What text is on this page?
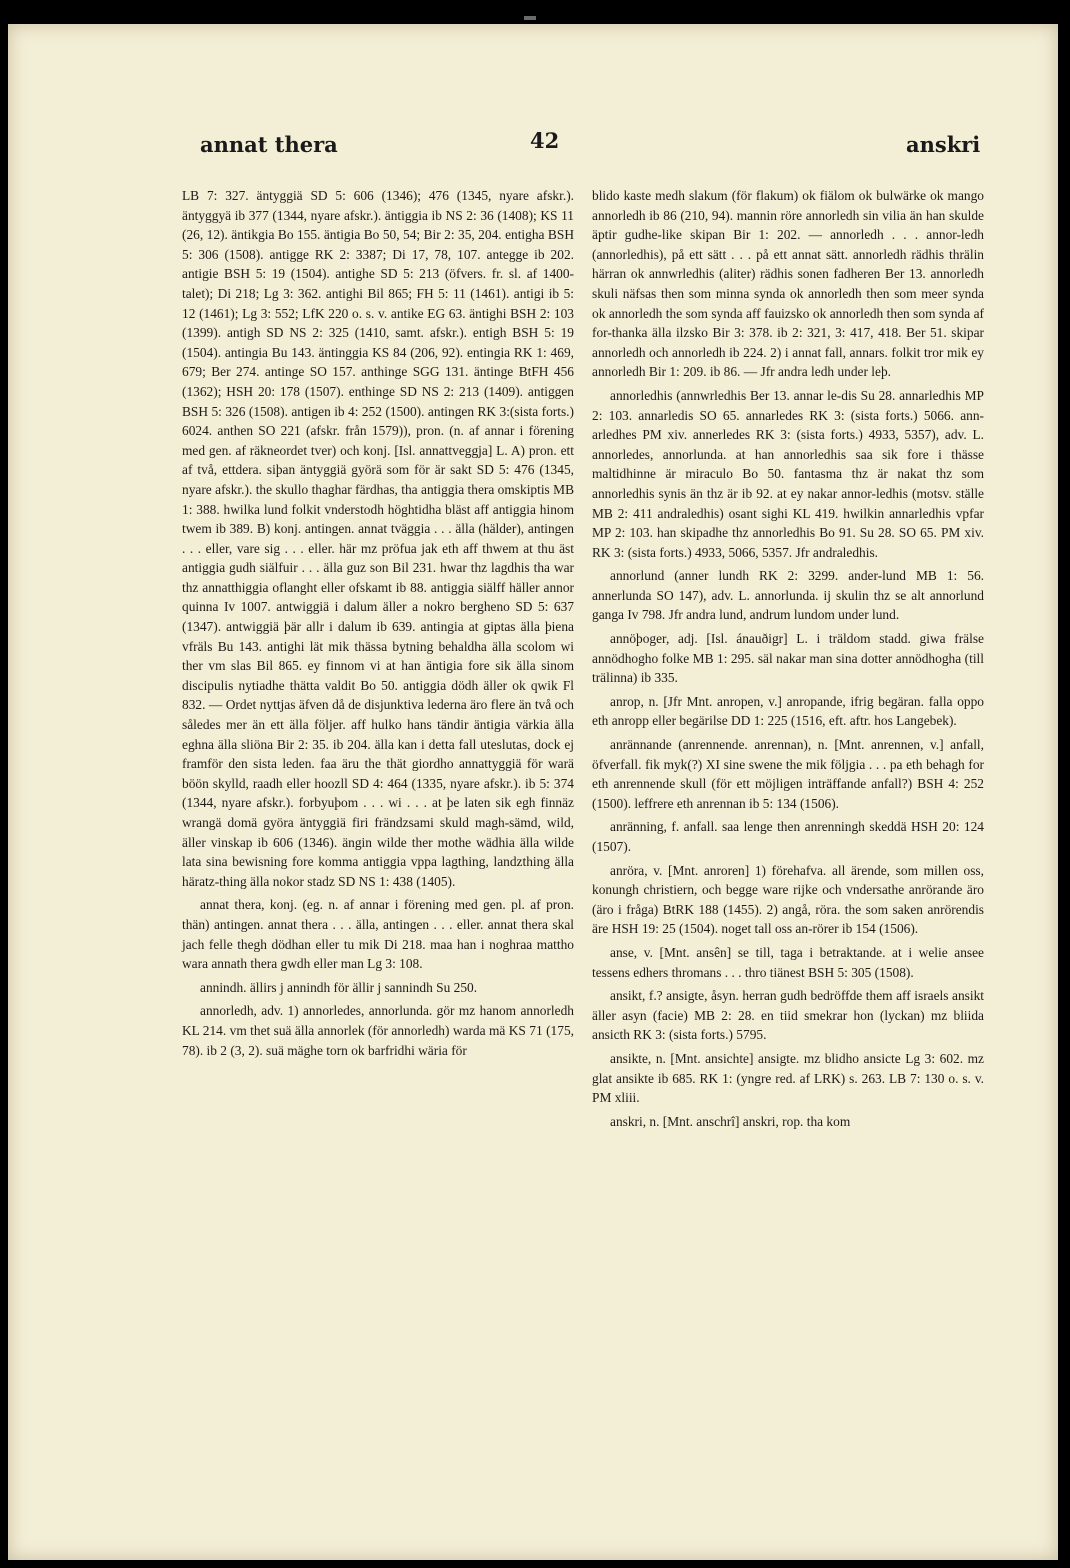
annat thera	42	anskri

LB 7: 327. äntyggiä SD 5: 606 (1346); 476 (1345, nyare afskr.). äntyggyä ib 377 (1344, nyare afskr.). äntiggia ib NS 2: 36 (1408); KS 11 (26, 12). äntikgia Bo 155. äntigia Bo 50, 54; Bir 2: 35, 204. entigha BSH 5: 306 (1508). antigge RK 2: 3387; Di 17, 78, 107. antegge ib 202. antigie BSH 5: 19 (1504). antighe SD 5: 213 (öfvers. fr. sl. af 1400-talet); Di 218; Lg 3: 362. antighi Bil 865; FH 5: 11 (1461). antigi ib 5: 12 (1461); Lg 3: 552; LfK 220 o. s. v. antike EG 63. äntighi BSH 2: 103 (1399). antigh SD NS 2: 325 (1410, samt. afskr.). entigh BSH 5: 19 (1504). antingia Bu 143. äntinggia KS 84 (206, 92). entingia RK 1: 469, 679; Ber 274. antinge SO 157. anthinge SGG 131. äntinge BtFH 456 (1362); HSH 20: 178 (1507). enthinge SD NS 2: 213 (1409). antiggen BSH 5: 326 (1508). antigen ib 4: 252 (1500). antingen RK 3:(sista forts.) 6024. anthen SO 221 (afskr. från 1579)), pron. (n. af annar i förening med gen. af räkneordet tver) och konj. [Isl. annattveggja] L. A) pron. ett af två, ettdera. siþan äntyggiä györä som för är sakt SD 5: 476 (1345, nyare afskr.). the skullo thaghar färdhas, tha antiggia thera omskiptis MB 1: 388. hwilka lund folkit vnderstodh höghtidha bläst aff antiggia hinom twem ib 389. B) konj. antingen. annat tväggia . . . älla (hälder), antingen . . . eller, vare sig . . . eller. här mz pröfua jak eth aff thwem at thu äst antiggia gudh siälfuir . . . älla guz son Bil 231. hwar thz lagdhis tha war thz annatthiggia oflanght eller ofskamt ib 88. antiggia siälff häller annor quinna Iv 1007. antwiggiä i dalum äller a nokro bergheno SD 5: 637 (1347). antwiggiä þär allr i dalum ib 639. antingia at giptas älla þiena vfräls Bu 143. antighi lät mik thässa bytning behaldha älla scolom wi ther vm slas Bil 865. ey finnom vi at han äntigia fore sik älla sinom discipulis nytiadhe thätta valdit Bo 50. antiggia dödh äller ok qwik Fl 832. — Ordet nyttjas äfven då de disjunktiva lederna äro flere än två och således mer än ett älla följer. aff hulko hans tändir äntigia värkia älla eghna älla sliöna Bir 2: 35. ib 204. älla kan i detta fall uteslutas, dock ej framför den sista leden. faa äru the thät giordho annattyggiä för warä böön skylld, raadh eller hoozll SD 4: 464 (1335, nyare afskr.). ib 5: 374 (1344, nyare afskr.). forbyuþom . . . wi . . . at þe laten sik egh finnäz wrangä domä györa äntyggiä firi frändzsami skuld magh-sämd, wild, äller vinskap ib 606 (1346). ängin wilde ther mothe wädhia älla wilde lata sina bewisning fore komma antiggia vppa lagthing, landzthing älla häratz-thing älla nokor stadz SD NS 1: 438 (1405).

annat thera, konj. (eg. n. af annar i förening med gen. pl. af pron. thän) antingen. annat thera . . . älla, antingen . . . eller. annat thera skal jach felle thegh dödhan eller tu mik Di 218. maa han i noghraa mattho wara annath thera gwdh eller man Lg 3: 108.

annindh. ällirs j annindh för ällir j sannindh Su 250.

annorledh, adv. 1) annorledes, annorlunda. gör mz hanom annorledh KL 214. vm thet suä älla annorlek (för annorledh) warda mä KS 71 (175, 78). ib 2 (3, 2). suä mäghe torn ok barfridhi wäria för

blido kaste medh slakum (för flakum) ok fiälom ok bulwärke ok mango annorledh ib 86 (210, 94). mannin röre annorledh sin vilia än han skulde äptir gudhe-like skipan Bir 1: 202. — annorledh . . . annor-ledh (annorledhis), på ett sätt . . . på ett annat sätt. annorledh rädhis thrälin härran ok annwrledhis (aliter) rädhis sonen fadheren Ber 13. annorledh skuli näfsas then som minna synda ok annorledh then som meer synda ok annorledh the som synda aff fauizsko ok annorledh then som synda af for-thanka älla ilzsko Bir 3: 378. ib 2: 321, 3: 417, 418. Ber 51. skipar annorledh och annorledh ib 224. 2) i annat fall, annars. folkit tror mik ey annorledh Bir 1: 209. ib 86. — Jfr andra ledh under leþ.

annorledhis (annwrledhis Ber 13. annar le-dis Su 28. annarledhis MP 2: 103. annarledis SO 65. annarledes RK 3: (sista forts.) 5066. ann-arledhes PM xiv. annerledes RK 3: (sista forts.) 4933, 5357), adv. L. annorledes, annorlunda. at han annorledhis saa sik fore i thässe maltidhinne är miraculo Bo 50. fantasma thz är nakat thz som annorledhis synis än thz är ib 92. at ey nakar annor-ledhis (motsv. ställe MB 2: 411 andraledhis) osant sighi KL 419. hwilkin annarledhis vpfar MP 2: 103. han skipadhe thz annorledhis Bo 91. Su 28. SO 65. PM xiv. RK 3: (sista forts.) 4933, 5066, 5357. Jfr andraledhis.

annorlund (anner lundh RK 2: 3299. ander-lund MB 1: 56. annerlunda SO 147), adv. L. annorlunda. ij skulin thz se alt annorlund ganga Iv 798. Jfr andra lund, andrum lundom under lund.

annöþoger, adj. [Isl. ánauðigr] L. i träldom stadd. giwa frälse annödhogho folke MB 1: 295. säl nakar man sina dotter annödhogha (till trälinna) ib 335.

anrop, n. [Jfr Mnt. anropen, v.] anropande, ifrig begäran. falla oppo eth anropp eller begärilse DD 1: 225 (1516, eft. aftr. hos Langebek).

anrännande (anrennende. anrennan), n. [Mnt. anrennen, v.] anfall, öfverfall. fik myk(?) XI sine swene the mik följgia . . . pa eth behagh for eth anrennende skull (för ett möjligen inträffande anfall?) BSH 4: 252 (1500). leffrere eth anrennan ib 5: 134 (1506).

anränning, f. anfall. saa lenge then anrenningh skeddä HSH 20: 124 (1507).

anröra, v. [Mnt. anroren] 1) förehafva. all ärende, som millen oss, konungh christiern, och begge ware rijke och vndersathe anrörande äro (äro i fråga) BtRK 188 (1455). 2) angå, röra. the som saken anrörendis äre HSH 19: 25 (1504). noget tall oss an-rörer ib 154 (1506).

anse, v. [Mnt. ansên] se till, taga i betraktande. at i welie ansee tessens edhers thromans . . . thro tiänest BSH 5: 305 (1508).

ansikt, f.? ansigte, åsyn. herran gudh bedröffde them aff israels ansikt äller asyn (facie) MB 2: 28. en tiid smekrar hon (lyckan) mz bliida ansicth RK 3: (sista forts.) 5795.

ansikte, n. [Mnt. ansichte] ansigte. mz blidho ansicte Lg 3: 602. mz glat ansikte ib 685. RK 1: (yngre red. af LRK) s. 263. LB 7: 130 o. s. v. PM xliii.

anskri, n. [Mnt. anschrî] anskri, rop. tha kom
